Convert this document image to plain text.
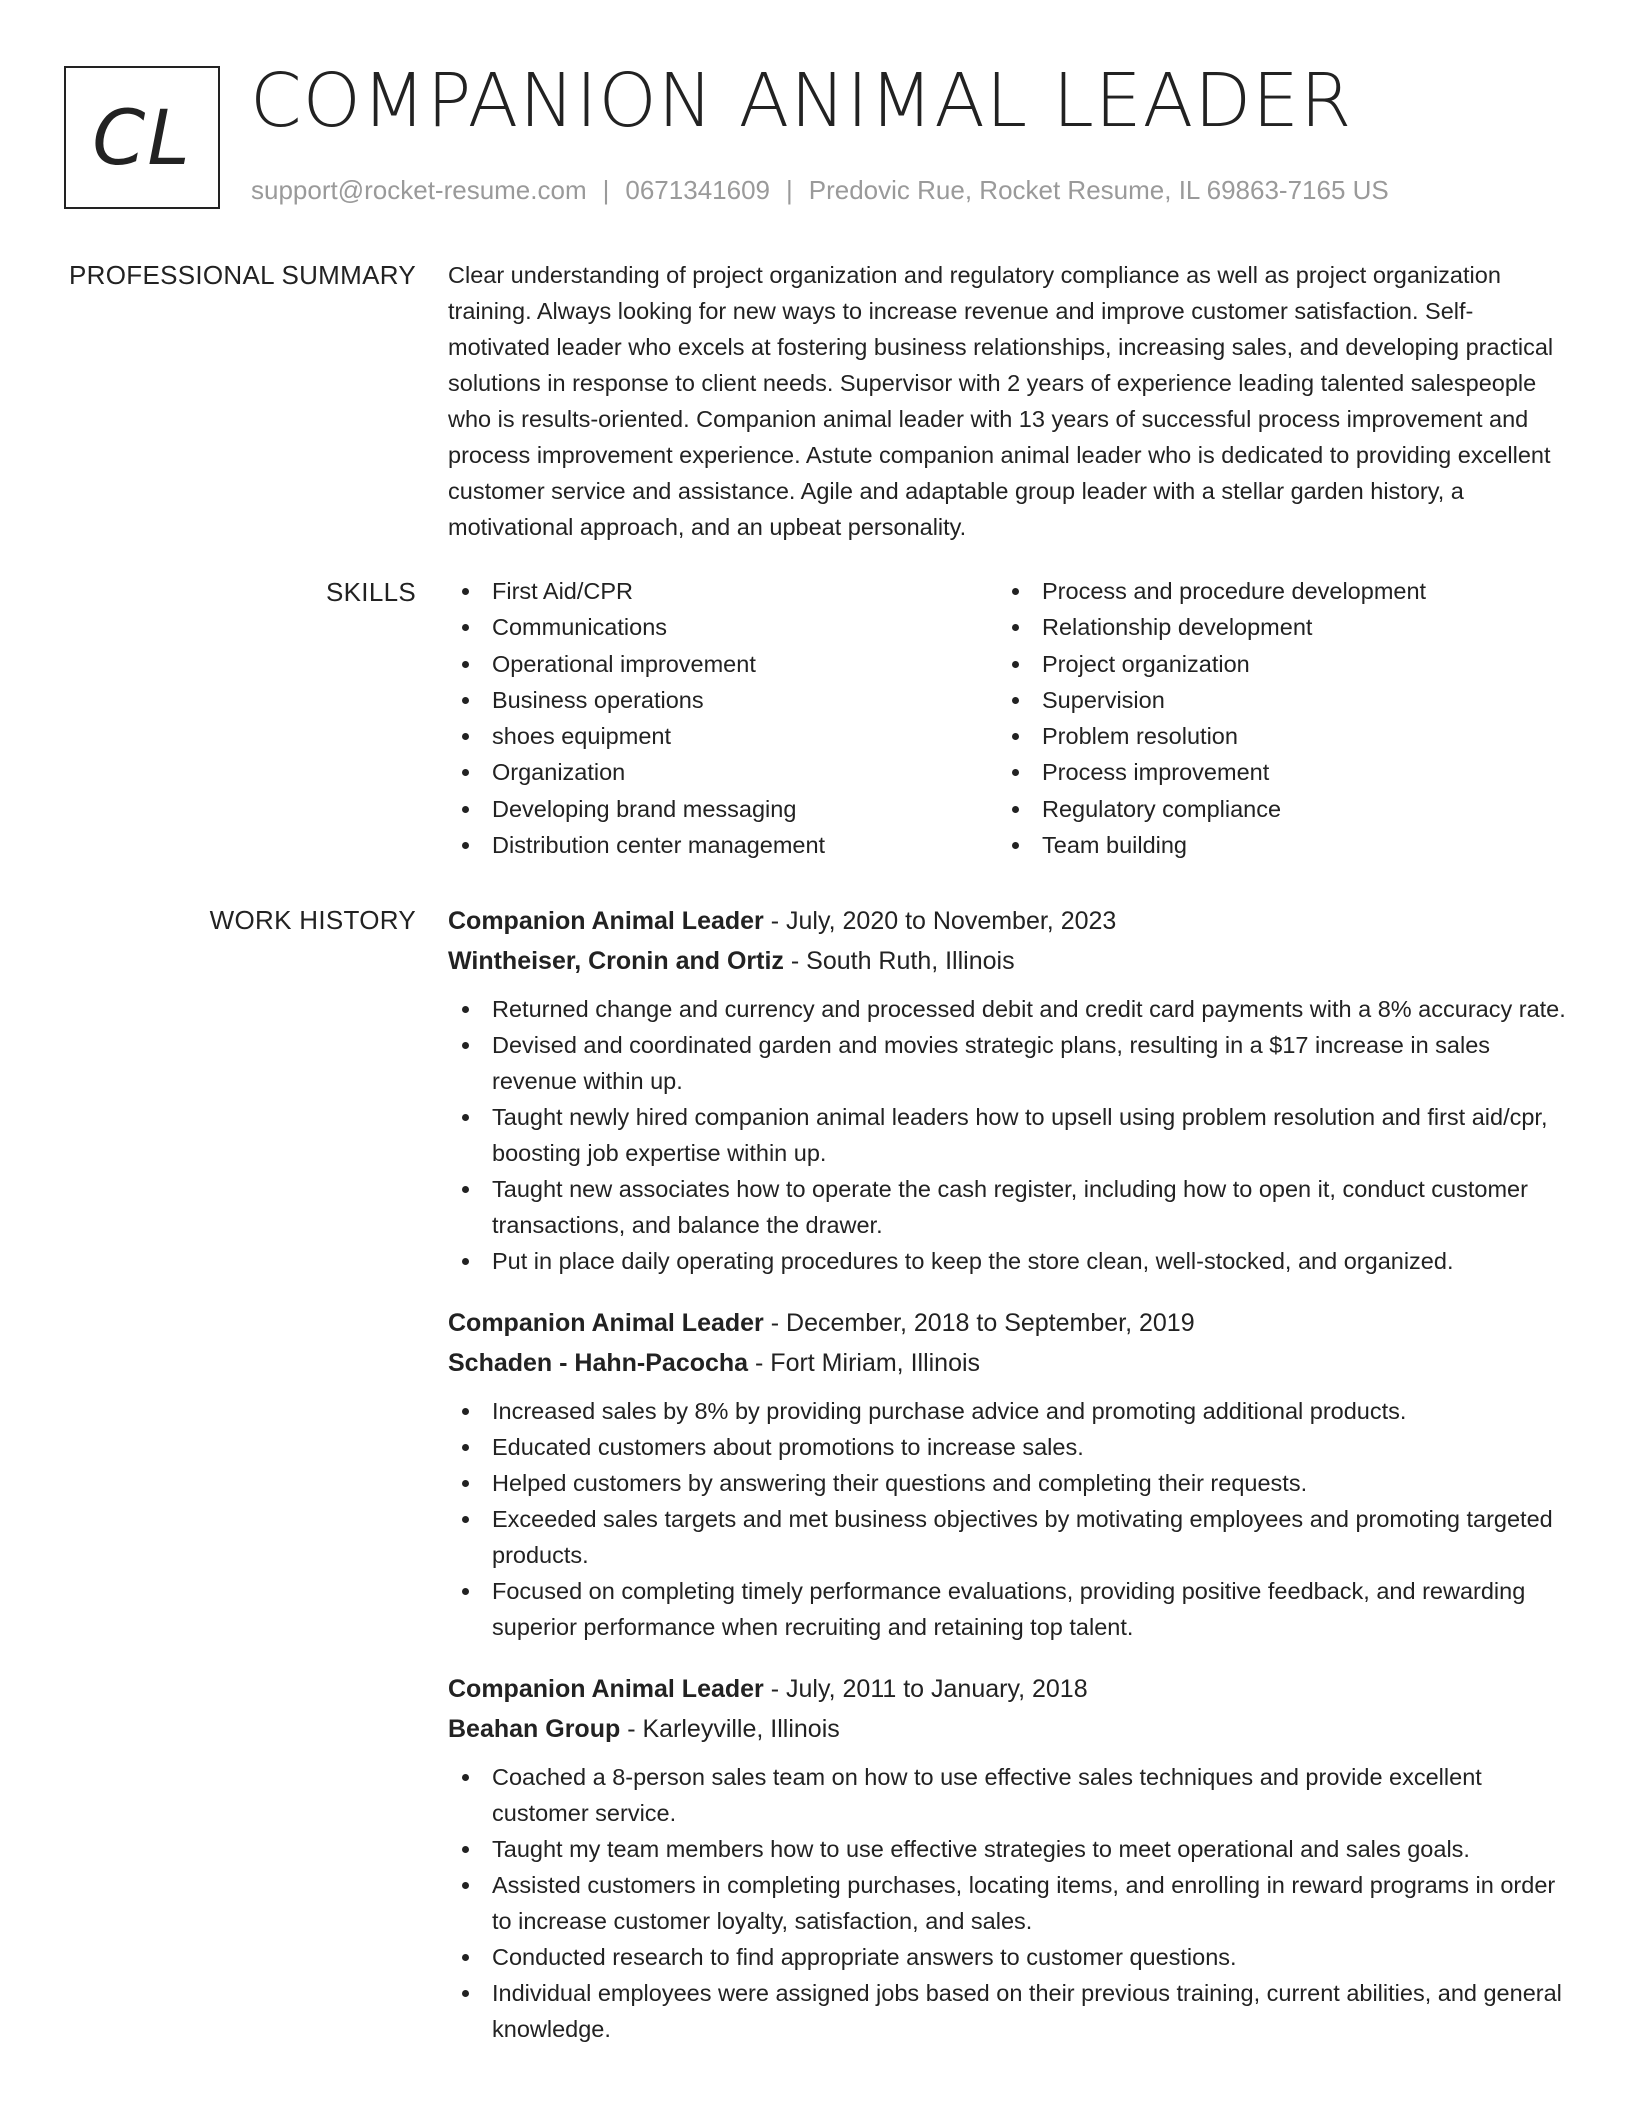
CL COMPANION ANIMAL LEADER
support@rocket-resume.com | 0671341609 | Predovic Rue, Rocket Resume, IL 69863-7165 US
PROFESSIONAL SUMMARY Clear understanding of project organization and regulatory compliance as well as project organization training. Always looking for new ways to increase revenue and improve customer satisfaction. Self-motivated leader who excels at fostering business relationships, increasing sales, and developing practical solutions in response to client needs. Supervisor with 2 years of experience leading talented salespeople who is results-oriented. Companion animal leader with 13 years of successful process improvement and process improvement experience. Astute companion animal leader who is dedicated to providing excellent customer service and assistance. Agile and adaptable group leader with a stellar garden history, a motivational approach, and an upbeat personality.
SKILLS	First Aid/CPR
Communications
Operational improvement
Business operations
shoes equipment
Organization
Developing brand messaging
Distribution center management
Process and procedure development
Relationship development
Project organization
Supervision
Problem resolution
Process improvement
Regulatory compliance
Team building
WORK HISTORY Companion Animal Leader - July, 2020 to November, 2023
Wintheiser, Cronin and Ortiz - South Ruth, Illinois
Returned change and currency and processed debit and credit card payments with a 8% accuracy rate.
Devised and coordinated garden and movies strategic plans, resulting in a $17 increase in sales revenue within up.
Taught newly hired companion animal leaders how to upsell using problem resolution and first aid/cpr, boosting job expertise within up.
Taught new associates how to operate the cash register, including how to open it, conduct customer transactions, and balance the drawer.
Put in place daily operating procedures to keep the store clean, well-stocked, and organized.
Companion Animal Leader - December, 2018 to September, 2019
Schaden - Hahn-Pacocha - Fort Miriam, Illinois
Increased sales by 8% by providing purchase advice and promoting additional products.
Educated customers about promotions to increase sales.
Helped customers by answering their questions and completing their requests.
Exceeded sales targets and met business objectives by motivating employees and promoting targeted products.
Focused on completing timely performance evaluations, providing positive feedback, and rewarding superior performance when recruiting and retaining top talent.
Companion Animal Leader - July, 2011 to January, 2018
Beahan Group - Karleyville, Illinois
Coached a 8-person sales team on how to use effective sales techniques and provide excellent customer service.
Taught my team members how to use effective strategies to meet operational and sales goals.
Assisted customers in completing purchases, locating items, and enrolling in reward programs in order to increase customer loyalty, satisfaction, and sales.
Conducted research to find appropriate answers to customer questions.
Individual employees were assigned jobs based on their previous training, current abilities, and general knowledge.
